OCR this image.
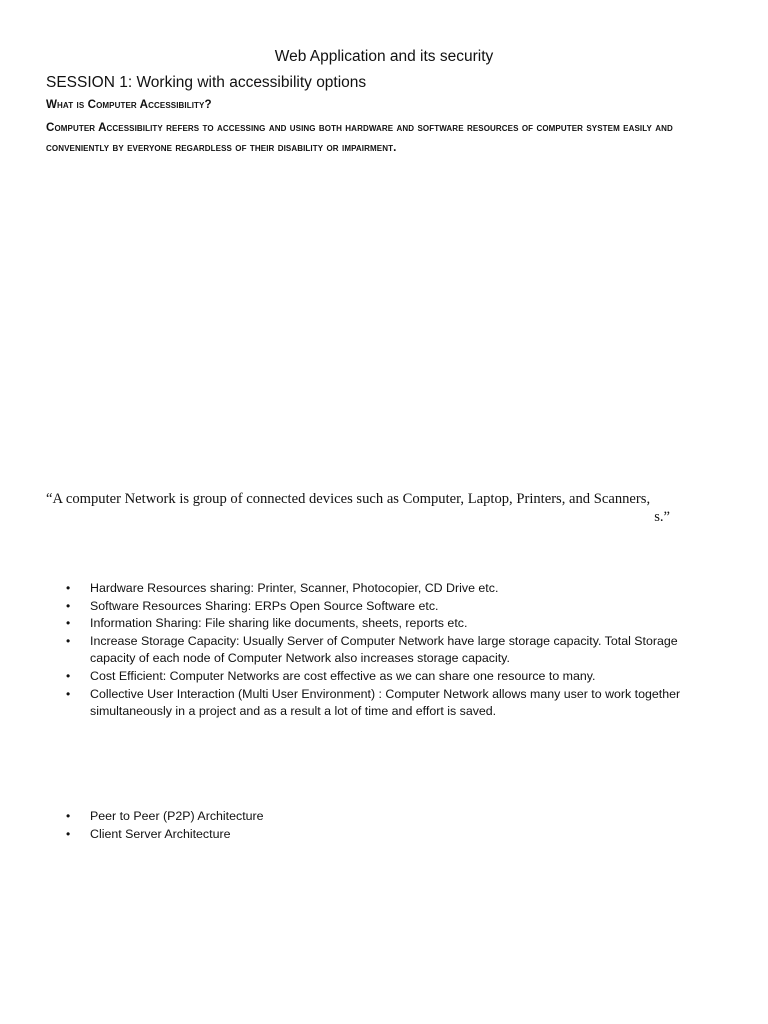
Web Application and its security
SESSION 1: Working with accessibility options
What is Computer Accessibility?
Computer Accessibility refers to accessing and using both hardware and software resources of computer system easily and conveniently by everyone regardless of their disability or impairment.
“A computer Network is group of connected devices such as Computer, Laptop, Printers, and Scanners,
s.”
• Hardware Resources sharing: Printer, Scanner, Photocopier, CD Drive etc.
• Software Resources Sharing: ERPs Open Source Software etc.
• Information Sharing: File sharing like documents, sheets, reports etc.
• Increase Storage Capacity: Usually Server of Computer Network have large storage capacity. Total Storage capacity of each node of Computer Network also increases storage capacity.
• Cost Efficient: Computer Networks are cost effective as we can share one resource to many.
• Collective User Interaction (Multi User Environment) : Computer Network allows many user to work together simultaneously in a project and as a result a lot of time and effort is saved.
• Peer to Peer (P2P) Architecture
• Client Server Architecture
